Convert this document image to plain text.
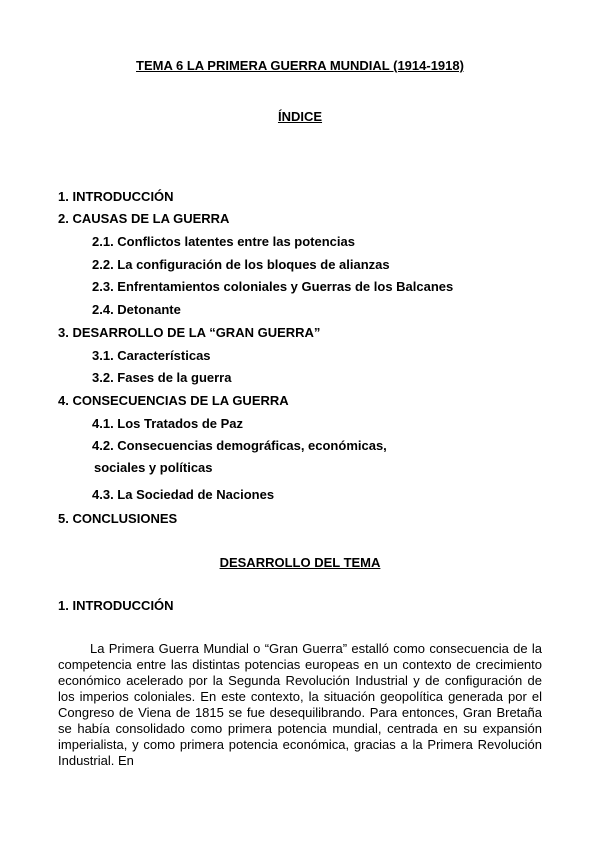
TEMA 6 LA PRIMERA GUERRA MUNDIAL (1914-1918)
ÍNDICE
1. INTRODUCCIÓN
2. CAUSAS DE LA GUERRA
2.1. Conflictos latentes entre las potencias
2.2. La configuración de los bloques de alianzas
2.3. Enfrentamientos coloniales y Guerras de los Balcanes
2.4. Detonante
3. DESARROLLO DE LA “GRAN GUERRA”
3.1. Características
3.2. Fases de la guerra
4. CONSECUENCIAS DE LA GUERRA
4.1. Los Tratados de Paz
4.2. Consecuencias demográficas, económicas,
sociales y políticas
4.3. La Sociedad de Naciones
5. CONCLUSIONES
DESARROLLO DEL TEMA
1. INTRODUCCIÓN
La Primera Guerra Mundial o “Gran Guerra” estalló como consecuencia de la competencia entre las distintas potencias europeas en un contexto de crecimiento económico acelerado por la Segunda Revolución Industrial y de configuración de los imperios coloniales. En este contexto, la situación geopolítica generada por el Congreso de Viena de 1815 se fue desequilibrando. Para entonces, Gran Bretaña se había consolidado como primera potencia mundial, centrada en su expansión imperialista, y como primera potencia económica, gracias a la Primera Revolución Industrial. En
